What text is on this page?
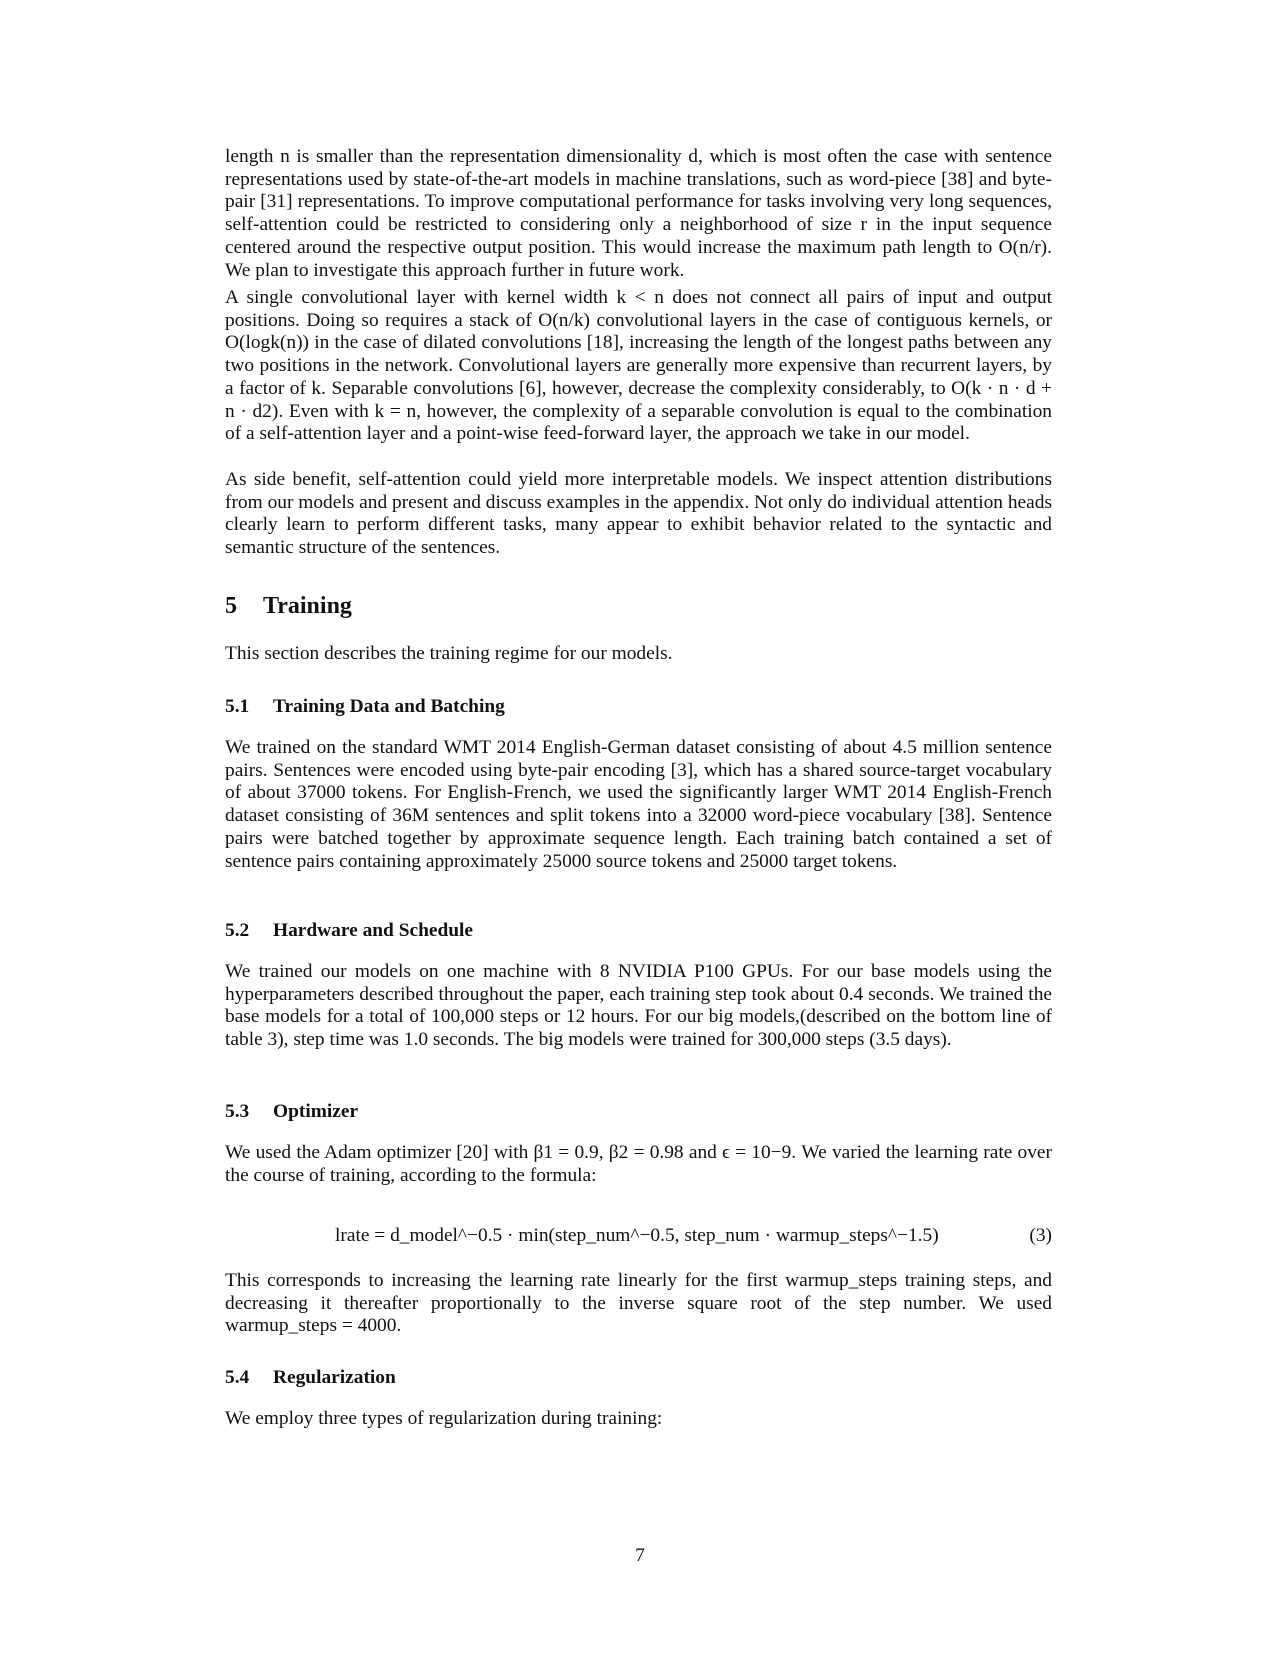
length n is smaller than the representation dimensionality d, which is most often the case with sentence representations used by state-of-the-art models in machine translations, such as word-piece [38] and byte-pair [31] representations. To improve computational performance for tasks involving very long sequences, self-attention could be restricted to considering only a neighborhood of size r in the input sequence centered around the respective output position. This would increase the maximum path length to O(n/r). We plan to investigate this approach further in future work.

A single convolutional layer with kernel width k < n does not connect all pairs of input and output positions. Doing so requires a stack of O(n/k) convolutional layers in the case of contiguous kernels, or O(logk(n)) in the case of dilated convolutions [18], increasing the length of the longest paths between any two positions in the network. Convolutional layers are generally more expensive than recurrent layers, by a factor of k. Separable convolutions [6], however, decrease the complexity considerably, to O(k · n · d + n · d2). Even with k = n, however, the complexity of a separable convolution is equal to the combination of a self-attention layer and a point-wise feed-forward layer, the approach we take in our model.

As side benefit, self-attention could yield more interpretable models. We inspect attention distributions from our models and present and discuss examples in the appendix. Not only do individual attention heads clearly learn to perform different tasks, many appear to exhibit behavior related to the syntactic and semantic structure of the sentences.

5 Training

This section describes the training regime for our models.

5.1 Training Data and Batching

We trained on the standard WMT 2014 English-German dataset consisting of about 4.5 million sentence pairs. Sentences were encoded using byte-pair encoding [3], which has a shared source-target vocabulary of about 37000 tokens. For English-French, we used the significantly larger WMT 2014 English-French dataset consisting of 36M sentences and split tokens into a 32000 word-piece vocabulary [38]. Sentence pairs were batched together by approximate sequence length. Each training batch contained a set of sentence pairs containing approximately 25000 source tokens and 25000 target tokens.

5.2 Hardware and Schedule

We trained our models on one machine with 8 NVIDIA P100 GPUs. For our base models using the hyperparameters described throughout the paper, each training step took about 0.4 seconds. We trained the base models for a total of 100,000 steps or 12 hours. For our big models,(described on the bottom line of table 3), step time was 1.0 seconds. The big models were trained for 300,000 steps (3.5 days).

5.3 Optimizer

We used the Adam optimizer [20] with β1 = 0.9, β2 = 0.98 and ϵ = 10−9. We varied the learning rate over the course of training, according to the formula:

lrate = d_model^−0.5 · min(step_num^−0.5, step_num · warmup_steps^−1.5)	(3)

This corresponds to increasing the learning rate linearly for the first warmup_steps training steps, and decreasing it thereafter proportionally to the inverse square root of the step number. We used warmup_steps = 4000.

5.4 Regularization

We employ three types of regularization during training:

7
